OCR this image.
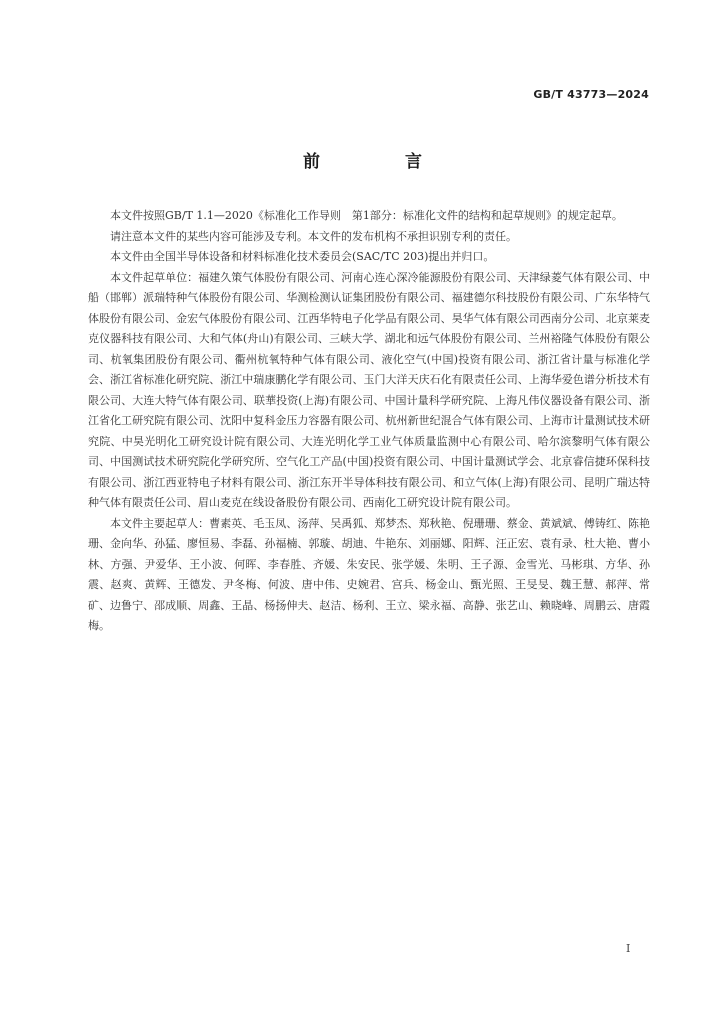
GB/T 43773—2024
前　言

本文件按照GB/T 1.1—2020《标准化工作导则　第1部分：标准化文件的结构和起草规则》的规定起草。

请注意本文件的某些内容可能涉及专利。本文件的发布机构不承担识别专利的责任。

本文件由全国半导体设备和材料标准化技术委员会(SAC/TC 203)提出并归口。

本文件起草单位：福建久策气体股份有限公司、河南心连心深冷能源股份有限公司、天津绿菱气体有限公司、中船（邯郸）派瑞特种气体股份有限公司、华测检测认证集团股份有限公司、福建德尔科技股份有限公司、广东华特气体股份有限公司、金宏气体股份有限公司、江西华特电子化学品有限公司、昊华气体有限公司西南分公司、北京莱麦克仪器科技有限公司、大和气体(舟山)有限公司、三峡大学、湖北和远气体股份有限公司、兰州裕隆气体股份有限公司、杭氧集团股份有限公司、衢州杭氧特种气体有限公司、液化空气(中国)投资有限公司、浙江省计量与标准化学会、浙江省标准化研究院、浙江中瑞康鹏化学有限公司、玉门大洋天庆石化有限责任公司、上海华爱色谱分析技术有限公司、大连大特气体有限公司、联華投资(上海)有限公司、中国计量科学研究院、上海凡伟仪器设备有限公司、浙江省化工研究院有限公司、沈阳中复科金压力容器有限公司、杭州新世纪混合气体有限公司、上海市计量测试技术研究院、中昊光明化工研究设计院有限公司、大连光明化学工业气体质量监测中心有限公司、哈尔滨黎明气体有限公司、中国测试技术研究院化学研究所、空气化工产品(中国)投资有限公司、中国计量测试学会、北京睿信捷环保科技有限公司、浙江西亚特电子材料有限公司、浙江东开半导体科技有限公司、和立气体(上海)有限公司、昆明广瑞达特种气体有限责任公司、眉山麦克在线设备股份有限公司、西南化工研究设计院有限公司。

本文件主要起草人：曹素英、毛玉凤、汤萍、吴禹狐、郑梦杰、郑秋艳、倪珊珊、蔡金、黄斌斌、傅铸红、陈艳珊、金向华、孙猛、廖恒易、李磊、孙福楠、郭璇、胡迪、牛艳东、刘丽娜、阳辉、汪正宏、袁有录、杜大艳、曹小林、方强、尹爱华、王小波、何晖、李春胜、齐媛、朱安民、张学媛、朱明、王子源、金雪光、马彬琪、方华、孙震、赵爽、黄辉、王德发、尹冬梅、何波、唐中伟、史婉君、宫兵、杨金山、甄光照、王旻旻、魏王慧、郝萍、常矿、边鲁宁、邵成顺、周鑫、王晶、杨扬伸夫、赵洁、杨利、王立、梁永福、高静、张艺山、赖晓峰、周鹏云、唐霞梅。

I
